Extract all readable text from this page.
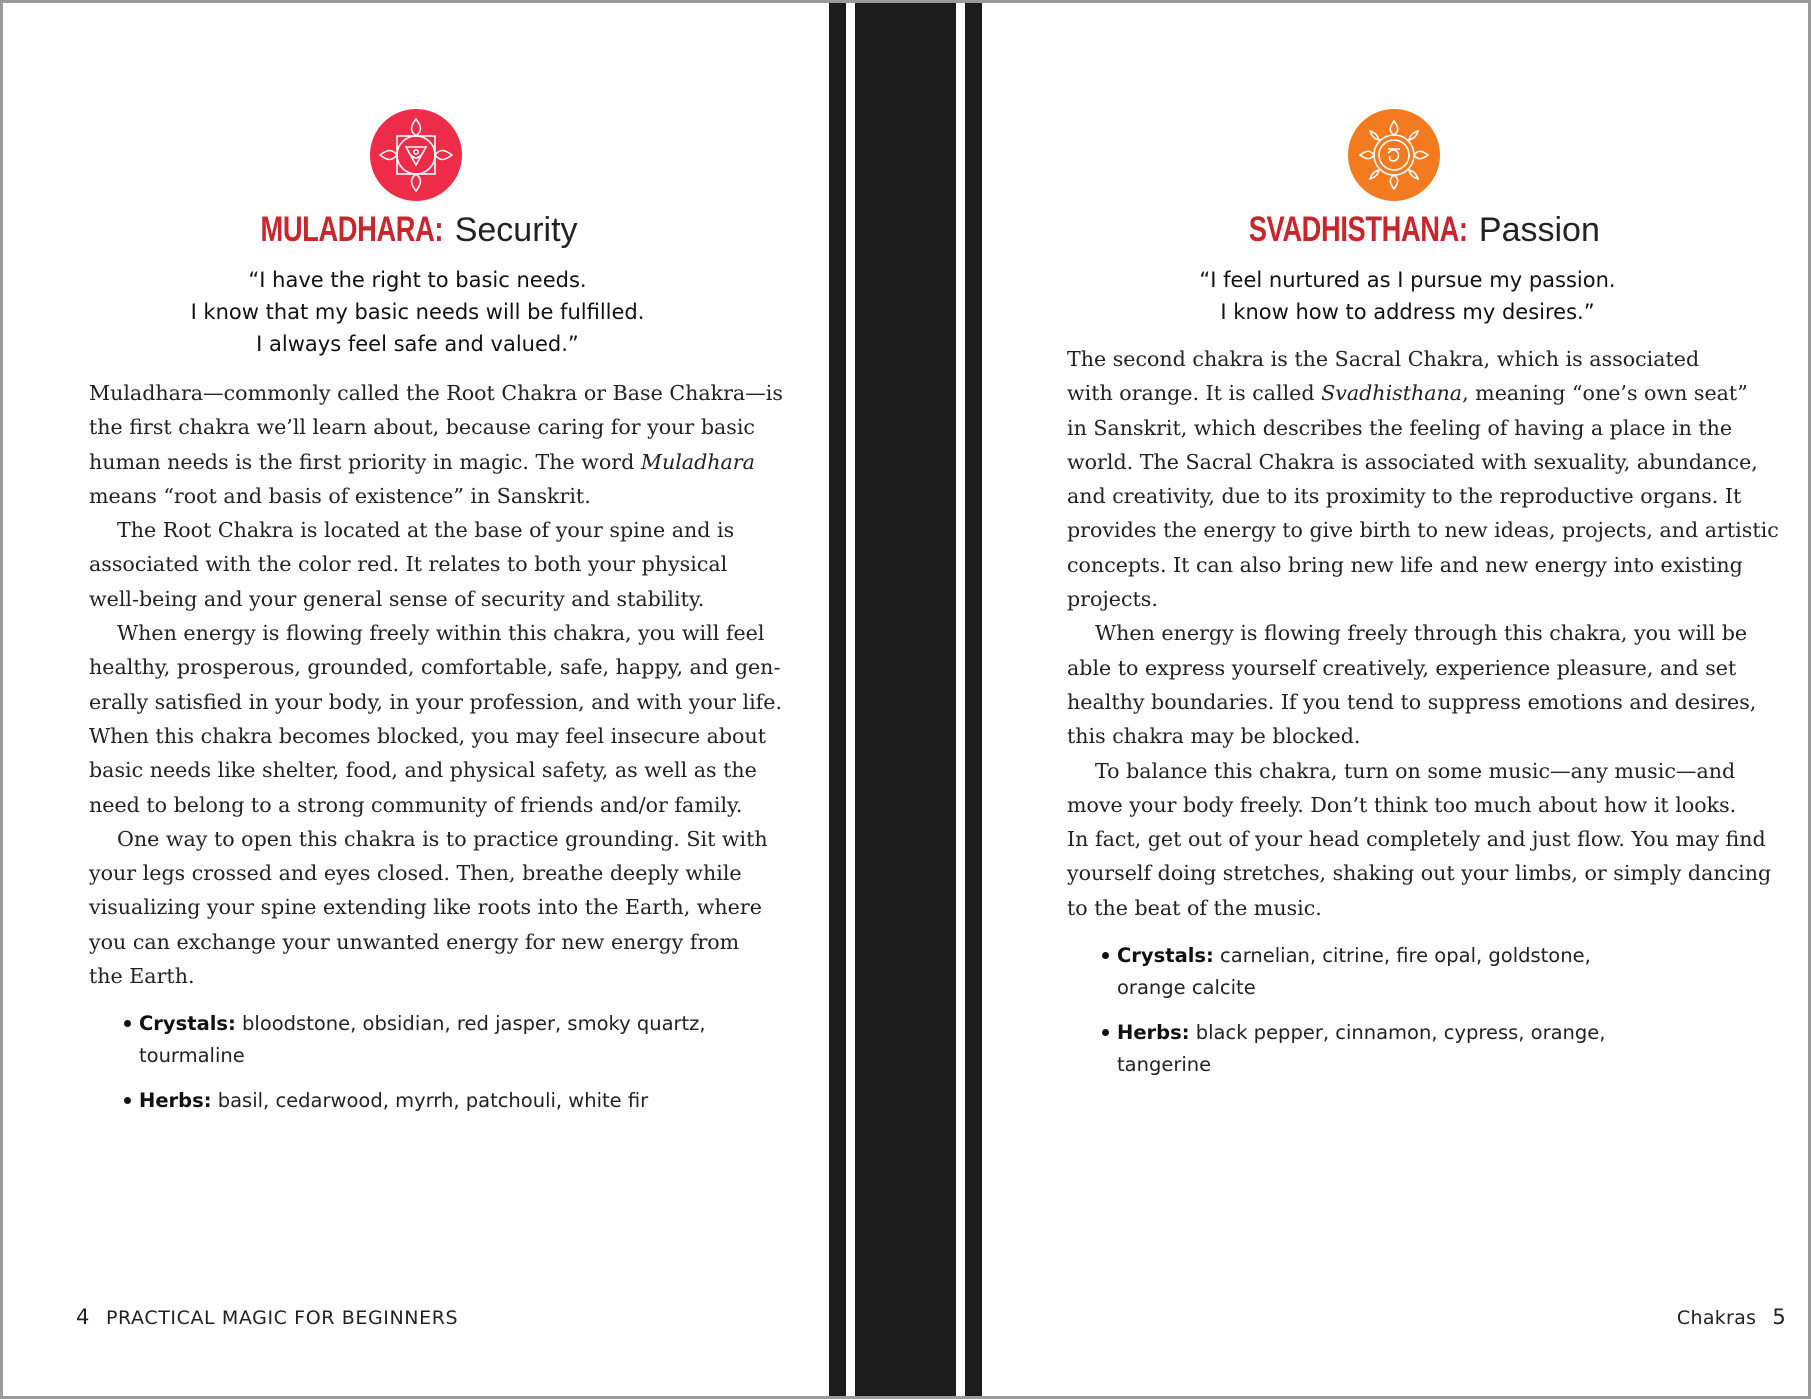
MULADHARA: Security
“I have the right to basic needs.
I know that my basic needs will be fulfilled.
I always feel safe and valued.”
Muladhara—commonly called the Root Chakra or Base Chakra—is
the first chakra we’ll learn about, because caring for your basic
human needs is the first priority in magic. The word Muladhara
means “root and basis of existence” in Sanskrit.
The Root Chakra is located at the base of your spine and is
associated with the color red. It relates to both your physical
well-being and your general sense of security and stability.
When energy is flowing freely within this chakra, you will feel
healthy, prosperous, grounded, comfortable, safe, happy, and gen-
erally satisfied in your body, in your profession, and with your life.
When this chakra becomes blocked, you may feel insecure about
basic needs like shelter, food, and physical safety, as well as the
need to belong to a strong community of friends and/or family.
One way to open this chakra is to practice grounding. Sit with
your legs crossed and eyes closed. Then, breathe deeply while
visualizing your spine extending like roots into the Earth, where
you can exchange your unwanted energy for new energy from
the Earth.
Crystals: bloodstone, obsidian, red jasper, smoky quartz,
tourmaline
Herbs: basil, cedarwood, myrrh, patchouli, white fir
4 PRACTICAL MAGIC FOR BEGINNERS
SVADHISTHANA: Passion
“I feel nurtured as I pursue my passion.
I know how to address my desires.”
The second chakra is the Sacral Chakra, which is associated
with orange. It is called Svadhisthana, meaning “one’s own seat”
in Sanskrit, which describes the feeling of having a place in the
world. The Sacral Chakra is associated with sexuality, abundance,
and creativity, due to its proximity to the reproductive organs. It
provides the energy to give birth to new ideas, projects, and artistic
concepts. It can also bring new life and new energy into existing
projects.
When energy is flowing freely through this chakra, you will be
able to express yourself creatively, experience pleasure, and set
healthy boundaries. If you tend to suppress emotions and desires,
this chakra may be blocked.
To balance this chakra, turn on some music—any music—and
move your body freely. Don’t think too much about how it looks.
In fact, get out of your head completely and just flow. You may find
yourself doing stretches, shaking out your limbs, or simply dancing
to the beat of the music.
Crystals: carnelian, citrine, fire opal, goldstone,
orange calcite
Herbs: black pepper, cinnamon, cypress, orange,
tangerine
Chakras 5
